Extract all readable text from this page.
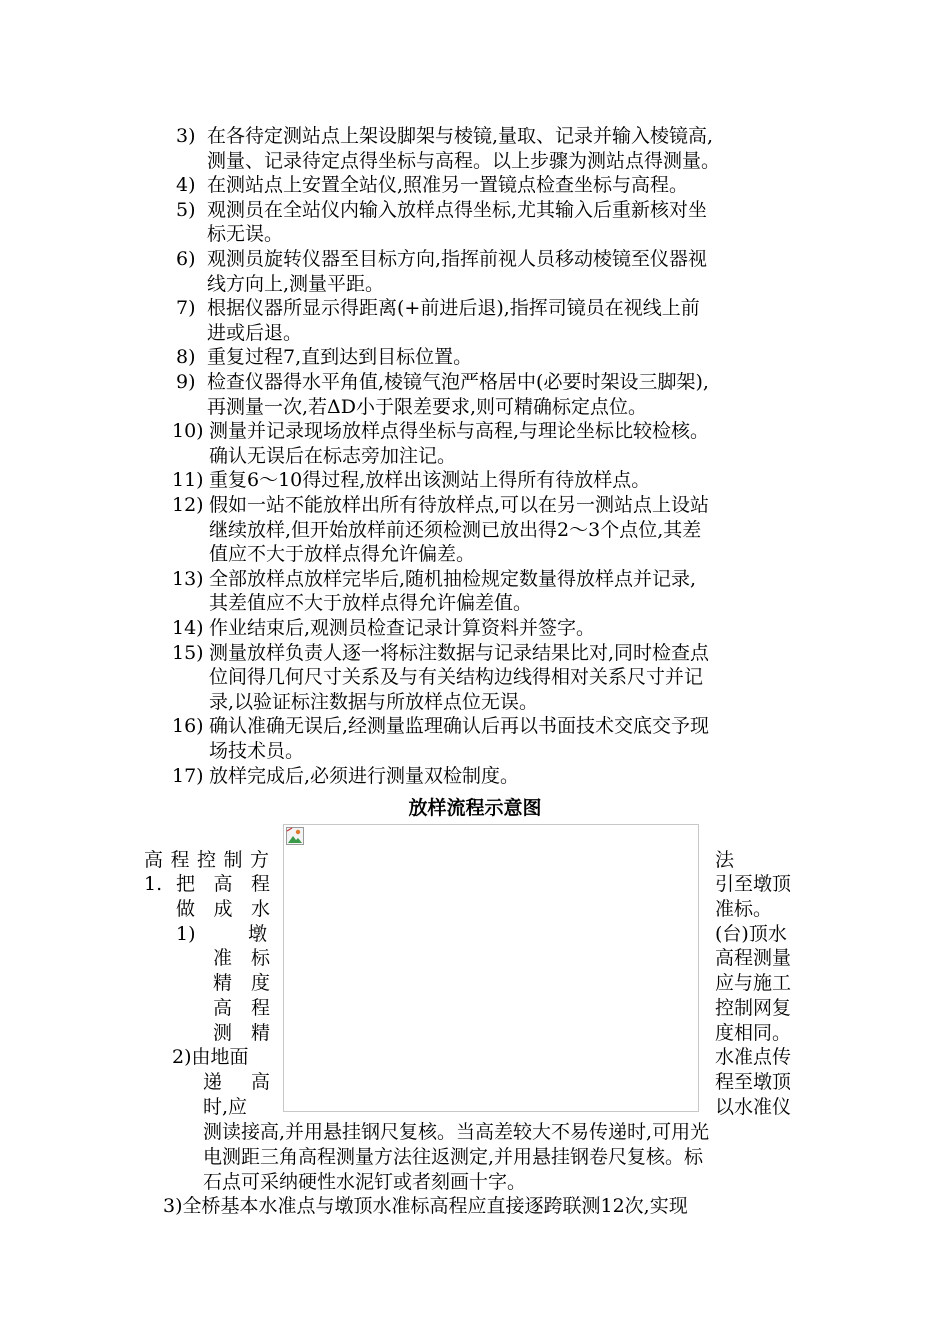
3) 在各待定测站点上架设脚架与棱镜,量取、记录并输入棱镜高,
测量、记录待定点得坐标与高程。以上步骤为测站点得测量。
4) 在测站点上安置全站仪,照准另一置镜点检查坐标与高程。
5) 观测员在全站仪内输入放样点得坐标,尤其输入后重新核对坐
标无误。
6) 观测员旋转仪器至目标方向,指挥前视人员移动棱镜至仪器视
线方向上,测量平距。
7) 根据仪器所显示得距离(+前进后退),指挥司镜员在视线上前
进或后退。
8) 重复过程7,直到达到目标位置。
9) 检查仪器得水平角值,棱镜气泡严格居中(必要时架设三脚架),
再测量一次,若ΔD小于限差要求,则可精确标定点位。
10) 测量并记录现场放样点得坐标与高程,与理论坐标比较检核。
确认无误后在标志旁加注记。
11) 重复6～10得过程,放样出该测站上得所有待放样点。
12) 假如一站不能放样出所有待放样点,可以在另一测站点上设站
继续放样,但开始放样前还须检测已放出得2～3个点位,其差
值应不大于放样点得允许偏差。
13) 全部放样点放样完毕后,随机抽检规定数量得放样点并记录,
其差值应不大于放样点得允许偏差值。
14) 作业结束后,观测员检查记录计算资料并签字。
15) 测量放样负责人逐一将标注数据与记录结果比对,同时检查点
位间得几何尺寸关系及与有关结构边线得相对关系尺寸并记
录,以验证标注数据与所放样点位无误。
16) 确认准确无误后,经测量监理确认后再以书面技术交底交予现
场技术员。
17) 放样完成后,必须进行测量双检制度。
放样流程示意图
高 程 控 制 方
1. 把 高 程
做 成 水
1)	墩
准 标
精 度
高 程
测 精
2)由地面
递 高
时,应
法
引至墩顶
准标。
(台)顶水
高程测量
应与施工
控制网复
度相同。
水准点传
程至墩顶
以水准仪
测读接高,并用悬挂钢尺复核。当高差较大不易传递时,可用光
电测距三角高程测量方法往返测定,并用悬挂钢卷尺复核。标
石点可采纳硬性水泥钉或者刻画十字。
3)全桥基本水准点与墩顶水准标高程应直接逐跨联测12次,实现
